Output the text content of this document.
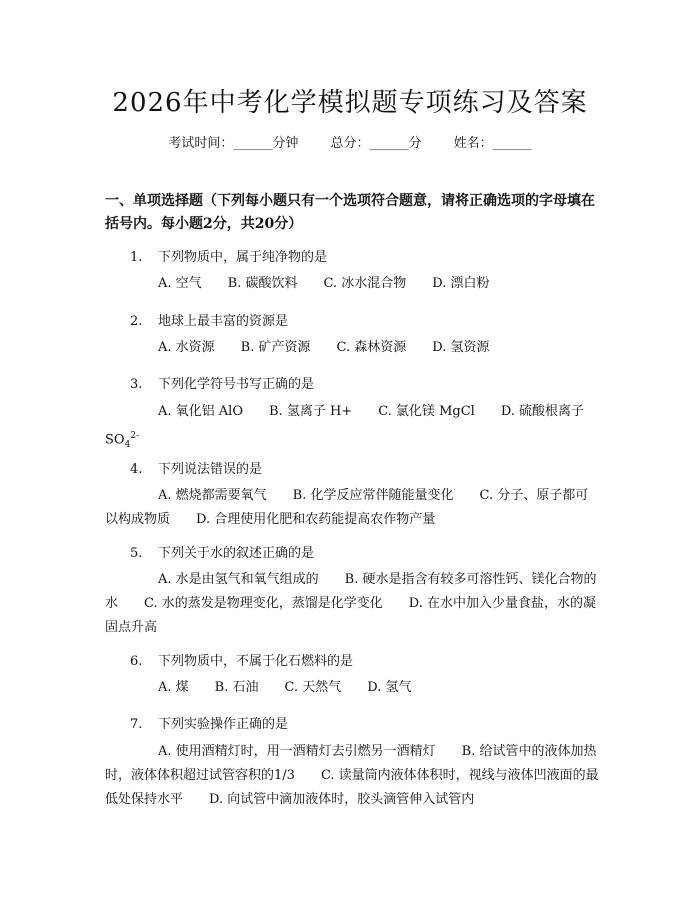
2026年中考化学模拟题专项练习及答案
考试时间：______分钟 总分：______分 姓名：______
一、单项选择题（下列每小题只有一个选项符合题意，请将正确选项的字母填在括号内。每小题2分，共20分）
1. 下列物质中，属于纯净物的是
A. 空气 B. 碳酸饮料 C. 冰水混合物 D. 漂白粉
2. 地球上最丰富的资源是
A. 水资源 B. 矿产资源 C. 森林资源 D. 氢资源
3. 下列化学符号书写正确的是
A. 氧化铝 AlO B. 氢离子 H+ C. 氯化镁 MgCl D. 硫酸根离子
$SO_4^{2-}$
4. 下列说法错误的是
A. 燃烧都需要氧气 B. 化学反应常伴随能量变化 C. 分子、原子都可以构成物质 D. 合理使用化肥和农药能提高农作物产量
5. 下列关于水的叙述正确的是
A. 水是由氢气和氧气组成的 B. 硬水是指含有较多可溶性钙、镁化合物的水 C. 水的蒸发是物理变化，蒸馏是化学变化 D. 在水中加入少量食盐，水的凝固点升高
6. 下列物质中，不属于化石燃料的是
A. 煤 B. 石油 C. 天然气 D. 氢气
7. 下列实验操作正确的是
A. 使用酒精灯时，用一酒精灯去引燃另一酒精灯 B. 给试管中的液体加热时，液体体积超过试管容积的1/3 C. 读量筒内液体体积时，视线与液体凹液面的最低处保持水平 D. 向试管中滴加液体时，胶头滴管伸入试管内
